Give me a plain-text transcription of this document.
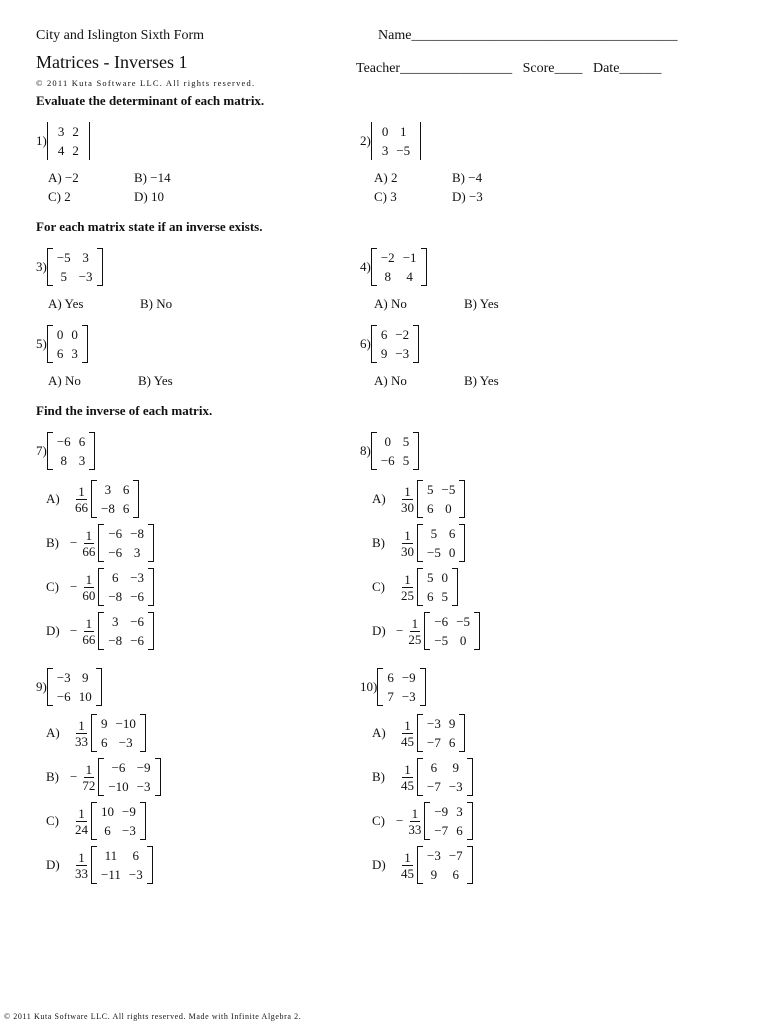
City and Islington Sixth Form	Name______________________________________
Matrices - Inverses 1	Teacher________________ Score____ Date______
© 2011 Kuta Software LLC. All rights reserved.
Evaluate the determinant of each matrix.
1)
3	2
4	2
A) −2	B) −14
C) 2	D) 10
2)
0	1
3	−5
A) 2	B) −4
C) 3	D) −3
For each matrix state if an inverse exists.
3)
−5	3
5	−3
A) Yes	B) No
4)
−2	−1
8	4
A) No	B) Yes
5)
0	0
6	3
A) No	B) Yes
6)
6	−2
9	−3
A) No	B) Yes
Find the inverse of each matrix.
7)
−6	6
8	3
A)	$\frac{1}{66} 3$	6
−8	6
$B) - \frac{1}{66} -6$	−8
−6	3
$C) - \frac{1}{60} 6$	−3
−8	−6
$D) - \frac{1}{66} 3$	−6
−8	−6
8)
0	5
−6	5
A)	$\frac{1}{30} 5$	−5
6	0
B)	$\frac{1}{30} 5$	6
−5	0
C)	$\frac{1}{25} 5$	0
6	5
$D) - \frac{1}{25} -6$	−5
−5	0
9)
−3	9
−6	10
A)	$\frac{1}{33} 9$	−10
6	−3
$B) - \frac{1}{72} -6$	−9
−10	−3
C)	$\frac{1}{24} 10$	−9
6	−3
D)	$\frac{1}{33} 11$	6
−11	−3
10)
6	−9
7	−3
A)	$\frac{1}{45} -3$	9
−7	6
B)	$\frac{1}{45} 6$	9
−7	−3
$C) - \frac{1}{33} -9$	3
−7	6
D)	$\frac{1}{45} -3$	−7
9	6
© 2011 Kuta Software LLC. All rights reserved. Made with Infinite Algebra 2.
